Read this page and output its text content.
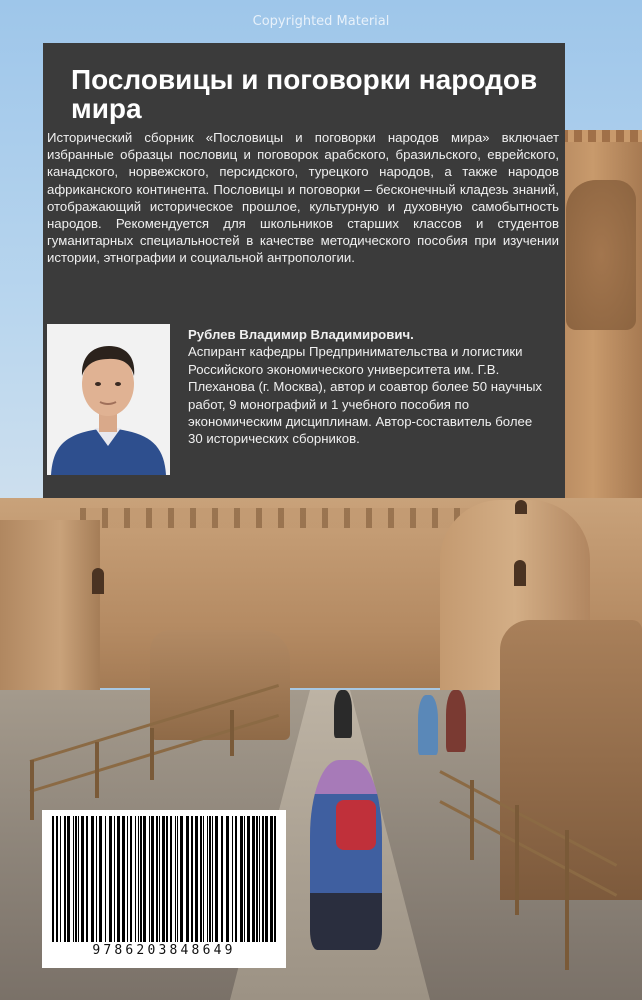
Copyrighted Material
Пословицы и поговорки народов мира
Исторический сборник «Пословицы и поговорки народов мира» включает избранные образцы пословиц и поговорок арабского, бразильского, еврейского, канадского, норвежского, персидского, турецкого народов, а также народов африканского континента. Пословицы и поговорки – бесконечный кладезь знаний, отображающий историческое прошлое, культурную и духовную самобытность народов. Рекомендуется для школьников старших классов и студентов гуманитарных специальностей в качестве методического пособия при изучении истории, этнографии и социальной антропологии.
Рублев Владимир Владимирович.
Аспирант кафедры Предпринимательства и логистики Российского экономического университета им. Г.В. Плеханова (г. Москва), автор и соавтор более 50 научных работ, 9 монографий и 1 учебного пособия по экономическим дисциплинам. Автор-составитель более 30 исторических сборников.
9786203848649
